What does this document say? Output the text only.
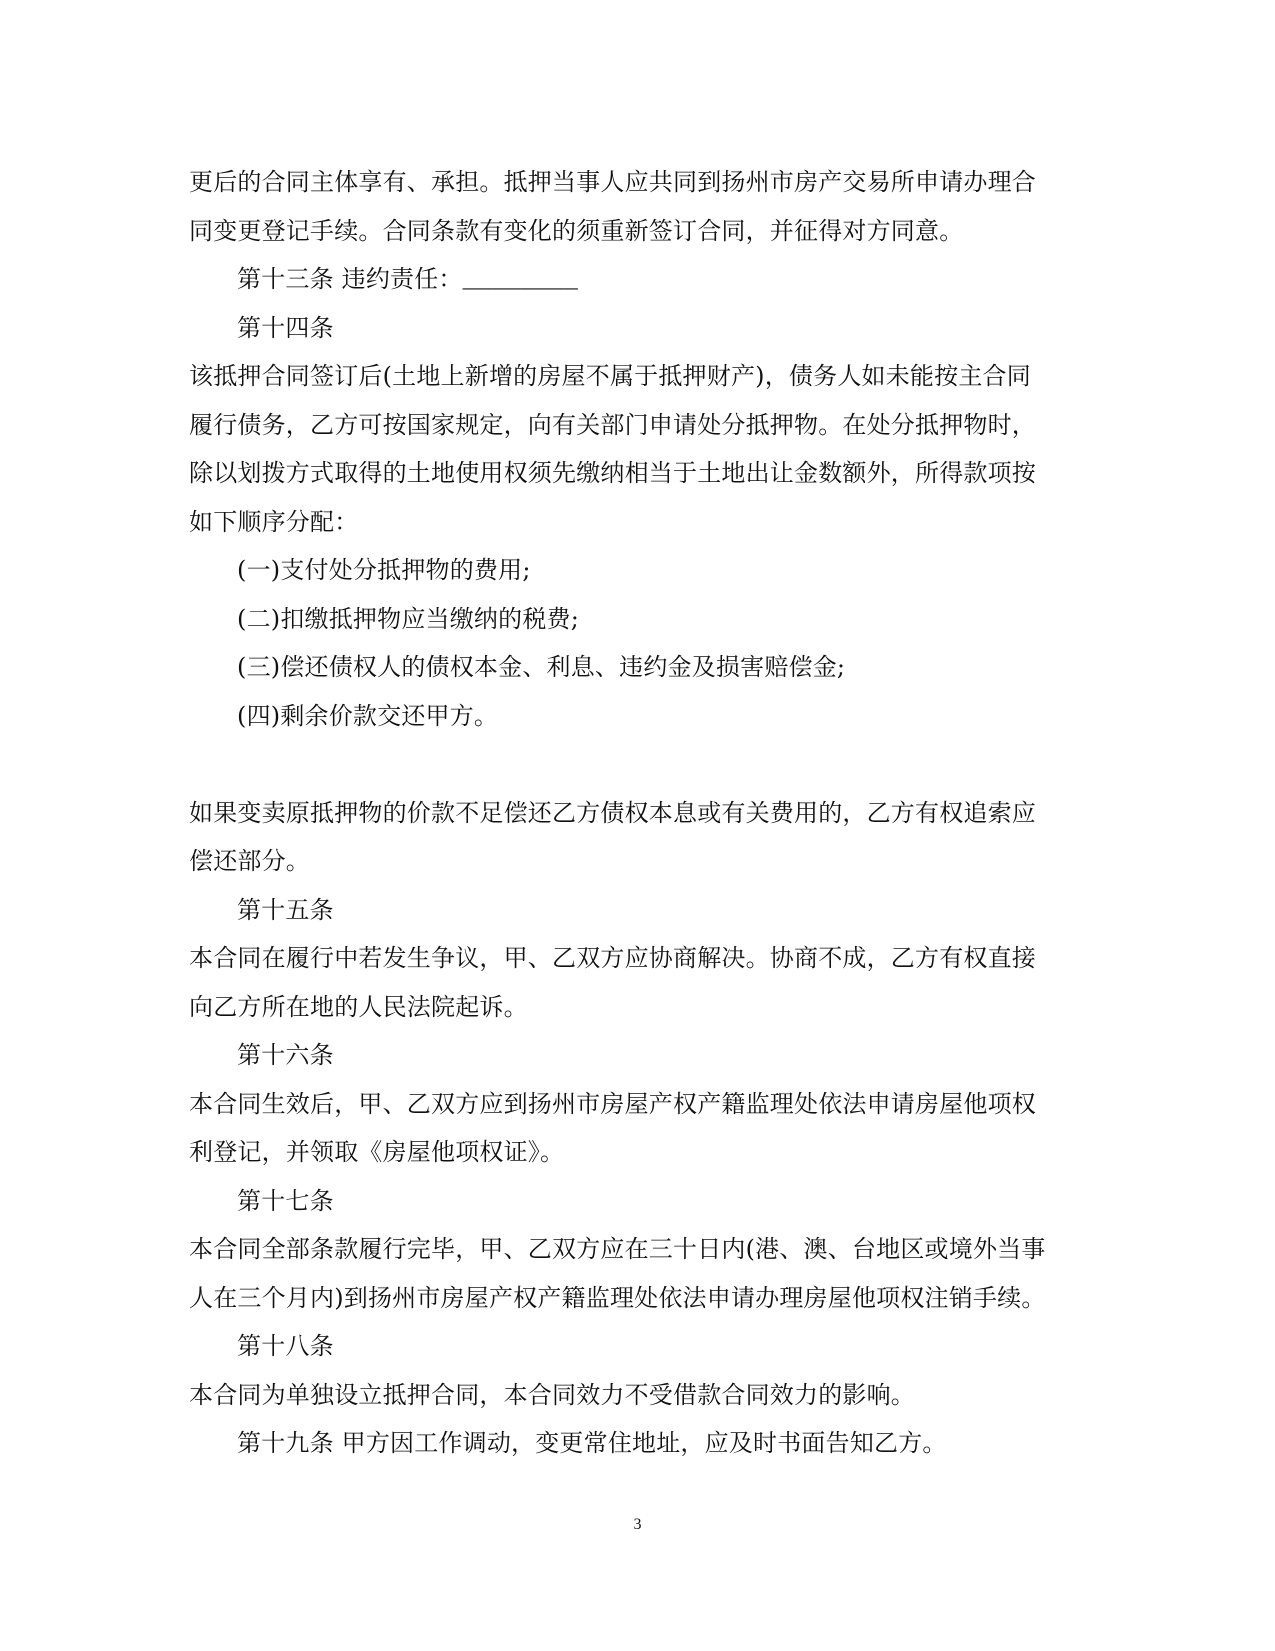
更后的合同主体享有、承担。抵押当事人应共同到扬州市房产交易所申请办理合
同变更登记手续。合同条款有变化的须重新签订合同，并征得对方同意。
第十三条 违约责任：________
第十四条
该抵押合同签订后(土地上新增的房屋不属于抵押财产)，债务人如未能按主合同
履行债务，乙方可按国家规定，向有关部门申请处分抵押物。在处分抵押物时，
除以划拨方式取得的土地使用权须先缴纳相当于土地出让金数额外，所得款项按
如下顺序分配：
(一)支付处分抵押物的费用;
(二)扣缴抵押物应当缴纳的税费;
(三)偿还债权人的债权本金、利息、违约金及损害赔偿金;
(四)剩余价款交还甲方。
如果变卖原抵押物的价款不足偿还乙方债权本息或有关费用的，乙方有权追索应
偿还部分。
第十五条
本合同在履行中若发生争议，甲、乙双方应协商解决。协商不成，乙方有权直接
向乙方所在地的人民法院起诉。
第十六条
本合同生效后，甲、乙双方应到扬州市房屋产权产籍监理处依法申请房屋他项权
利登记，并领取《房屋他项权证》。
第十七条
本合同全部条款履行完毕，甲、乙双方应在三十日内(港、澳、台地区或境外当事
人在三个月内)到扬州市房屋产权产籍监理处依法申请办理房屋他项权注销手续。
第十八条
本合同为单独设立抵押合同，本合同效力不受借款合同效力的影响。
第十九条 甲方因工作调动，变更常住地址，应及时书面告知乙方。
3
